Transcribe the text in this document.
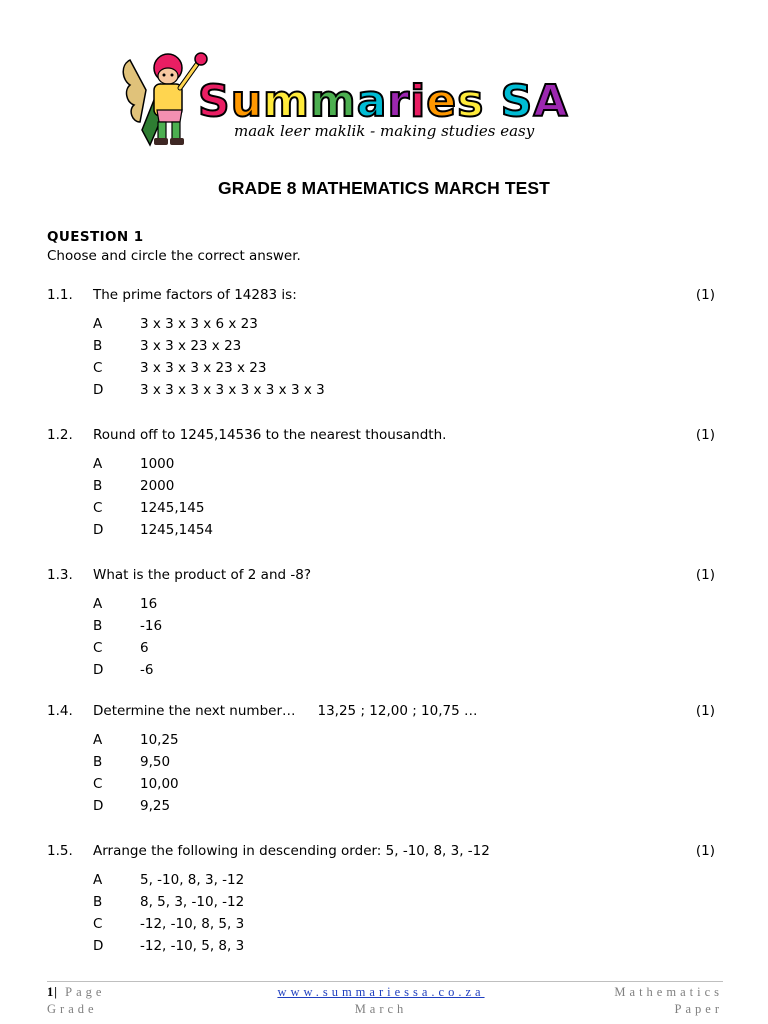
Summaries SA
maak leer maklik - making studies easy
GRADE 8 MATHEMATICS MARCH TEST
QUESTION 1
Choose and circle the correct answer.
1.1. The prime factors of 14283 is:	(1)
A	3 x 3 x 3 x 6 x 23
B	3 x 3 x 23 x 23
C	3 x 3 x 3 x 23 x 23
D	3 x 3 x 3 x 3 x 3 x 3 x 3 x 3
1.2. Round off to 1245,14536 to the nearest thousandth.	(1)
A	1000
B	2000
C	1245,145
D	1245,1454
1.3. What is the product of 2 and -8?	(1)
A	16
B	-16
C	6
D	-6
1.4. Determine the next number… 13,25 ; 12,00 ; 10,75 …	(1)
A	10,25
B	9,50
C	10,00
D	9,25
1.5. Arrange the following in descending order: 5, -10, 8, 3, -12	(1)
A	5, -10, 8, 3, -12
B	8, 5, 3, -10, -12
C	-12, -10, 8, 5, 3
D	-12, -10, 5, 8, 3
1| Page	www.summariessa.co.za	Mathematics
Grade	March	Paper
